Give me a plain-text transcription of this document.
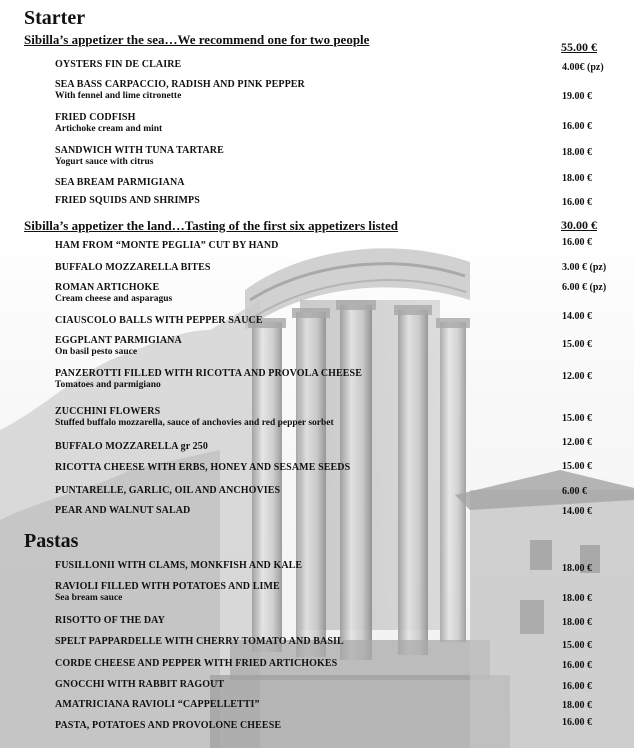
Starter
Sibilla’s appetizer the sea…We recommend one for two people	55.00 €
OYSTERS FIN DE CLAIRE	4.00€ (pz)
SEA BASS CARPACCIO, RADISH AND PINK PEPPER
With fennel and lime citronette	19.00 €
FRIED CODFISH
Artichoke cream and mint	16.00 €
SANDWICH WITH TUNA TARTARE
Yogurt sauce with citrus
18.00 €
SEA BREAM PARMIGIANA	18.00 €
FRIED SQUIDS AND SHRIMPS	16.00 €
Sibilla’s appetizer the land…Tasting of the first six appetizers listed	30.00 €
HAM FROM “MONTE PEGLIA” CUT BY HAND	16.00 €
BUFFALO MOZZARELLA BITES	3.00 € (pz)
ROMAN ARTICHOKE
Cream cheese and asparagus
6.00 € (pz)
CIAUSCOLO BALLS WITH PEPPER SAUCE	14.00 €
EGGPLANT PARMIGIANA
On basil pesto sauce
15.00 €
PANZEROTTI FILLED WITH RICOTTA AND PROVOLA CHEESE
Tomatoes and parmigiano
12.00 €
ZUCCHINI FLOWERS
Stuffed buffalo mozzarella, sauce of anchovies and red pepper sorbet	15.00 €
BUFFALO MOZZARELLA gr 250	12.00 €
RICOTTA CHEESE WITH ERBS, HONEY AND SESAME SEEDS	15.00 €
PUNTARELLE, GARLIC, OIL AND ANCHOVIES	6.00 €
PEAR AND WALNUT SALAD	14.00 €
Pastas
FUSILLONII WITH CLAMS, MONKFISH AND KALE	18.00 €
RAVIOLI FILLED WITH POTATOES AND LIME
Sea bream sauce	18.00 €
RISOTTO OF THE DAY	18.00 €
SPELT PAPPARDELLE WITH CHERRY TOMATO AND BASIL	15.00 €
CORDE CHEESE AND PEPPER WITH FRIED ARTICHOKES	16.00 €
GNOCCHI WITH RABBIT RAGOUT	16.00 €
AMATRICIANA RAVIOLI “CAPPELLETTI”	18.00 €
PASTA, POTATOES AND PROVOLONE CHEESE	16.00 €
